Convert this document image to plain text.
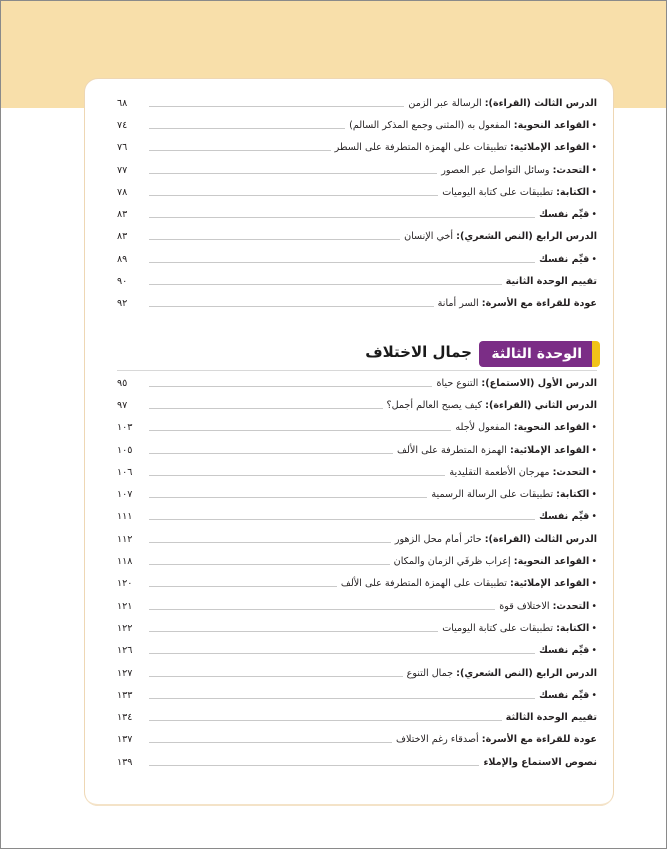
الدرس الثالث (القراءة): الرسالة عبر الزمن
٦٨
•القواعد النحوية: المفعول به (المثنى وجمع المذكر السالم)
٧٤
•القواعد الإملائية: تطبيقات على الهمزة المتطرفة على السطر
٧٦
•التحدث: وسائل التواصل عبر العصور
٧٧
•الكتابة: تطبيقات على كتابة اليوميات
٧٨
•قيِّم نفسك
٨٣
الدرس الرابع (النص الشعري): أخي الإنسان
٨٣
•قيِّم نفسك
٨٩
تقييم الوحدة الثانية
٩٠
عودة للقراءة مع الأسرة: السر أمانة
٩٢
الوحدة الثالثة
جمال الاختلاف
الدرس الأول (الاستماع): التنوع حياة
٩٥
الدرس الثاني (القراءة): كيف يصبح العالم أجمل؟
٩٧
•القواعد النحوية: المفعول لأجله
١٠٣
•القواعد الإملائية: الهمزة المتطرفة على الألف
١٠٥
•التحدث: مهرجان الأطعمة التقليدية
١٠٦
•الكتابة: تطبيقات على الرسالة الرسمية
١٠٧
•قيِّم نفسك
١١١
الدرس الثالث (القراءة): حائر أمام محل الزهور
١١٢
•القواعد النحوية: إعراب ظرفَي الزمان والمكان
١١٨
•القواعد الإملائية: تطبيقات على الهمزة المتطرفة على الألف
١٢٠
•التحدث: الاختلاف قوة
١٢١
•الكتابة: تطبيقات على كتابة اليوميات
١٢٢
•قيِّم نفسك
١٢٦
الدرس الرابع (النص الشعري): جمال التنوع
١٢٧
•قيِّم نفسك
١٣٣
تقييم الوحدة الثالثة
١٣٤
عودة للقراءة مع الأسرة: أصدقاء رغم الاختلاف
١٣٧
نصوص الاستماع والإملاء
١٣٩
